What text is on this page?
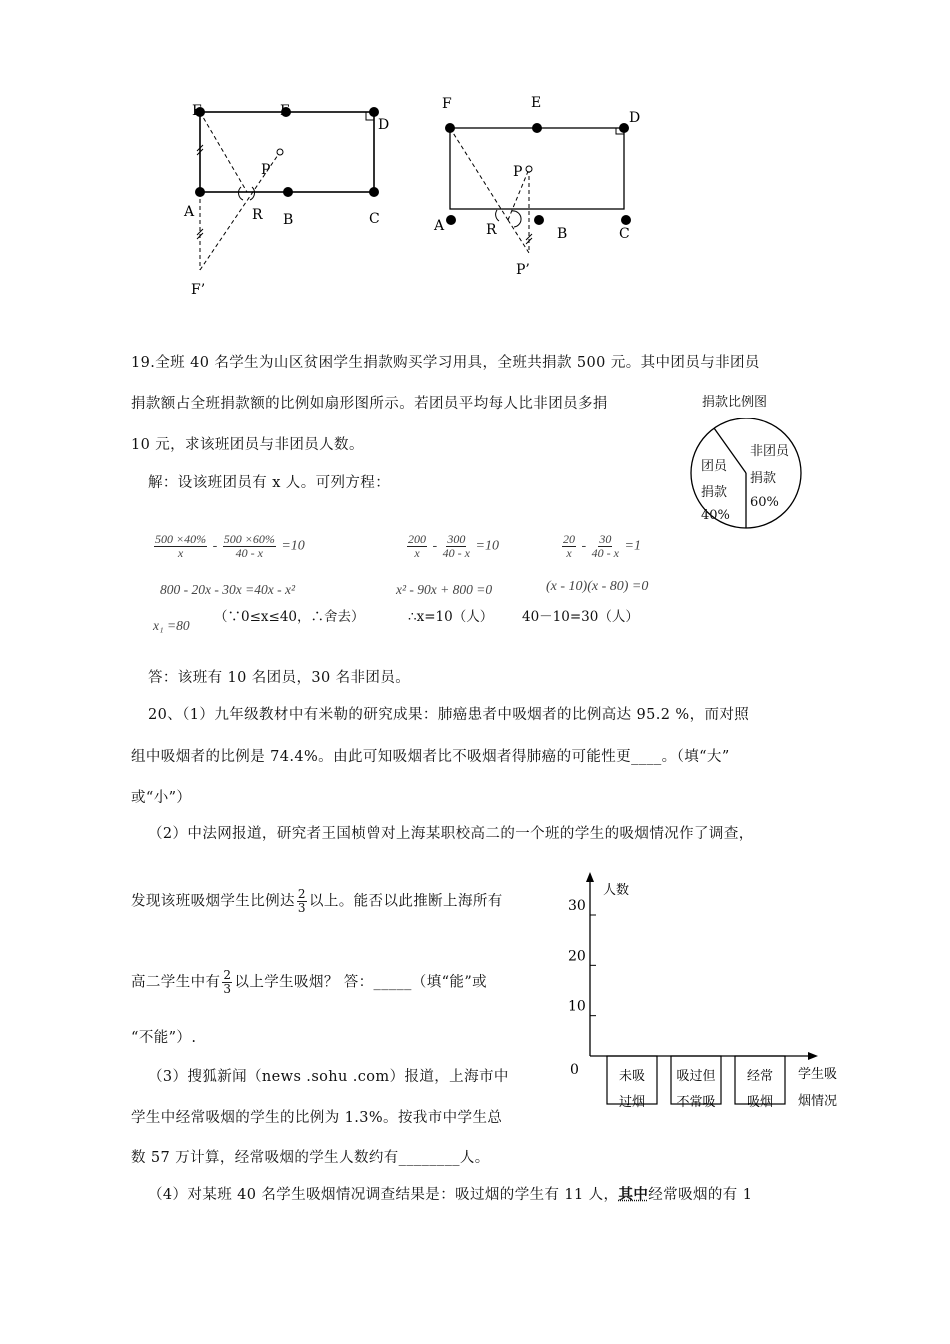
F	E
D
P
A	R B	C
F’
F	E
D
P
A	R	B	C
P’
19.全班 40 名学生为山区贫困学生捐款购买学习用具，全班共捐款 500 元。其中团员与非团员
捐款额占全班捐款额的比例如扇形图所示。若团员平均每人比非团员多捐
10 元，求该班团员与非团员人数。
解：设该班团员有 x 人。可列方程：
捐款比例图
团员
捐款
40%
非团员
捐款
60%
$\frac{500 \times 40\%}{x} - \frac{500 \times 60\%}{40 - x} =10$	$\frac{200}{x} - \frac{300}{40 - x} =10$	$\frac{20}{x} - \frac{30}{40 - x} =1$
800 - 20x - 30x =40x - x²	x² - 90x + 800 =0	(x - 10)(x - 80) =0
x₁ =80
（∵0≤x≤40，∴舍去）	∴x=10（人） 40－10=30（人）
答：该班有 10 名团员，30 名非团员。
20、（1）九年级教材中有米勒的研究成果：肺癌患者中吸烟者的比例高达 95.2 %，而对照
组中吸烟者的比例是 74.4%。由此可知吸烟者比不吸烟者得肺癌的可能性更____。（填“大”
或“小”）
（2）中法网报道，研究者王国桢曾对上海某职校高二的一个班的学生的吸烟情况作了调查，
发现该班吸烟学生比例达 $\frac{2}{3}$ 以上。能否以此推断上海所有
高二学生中有 $\frac{2}{3}$ 以上学生吸烟？ 答：_____（填“能”或
“不能”）.
（3）搜狐新闻（news .sohu .com）报道，上海市中
学生中经常吸烟的学生的比例为 1.3%。按我市中学生总
数 57 万计算，经常吸烟的学生人数约有________人。
（4）对某班 40 名学生吸烟情况调查结果是：吸过烟的学生有 11 人，其中经常吸烟的有 1
人数
0
10
20
30
未吸
过烟
吸过但
不常吸
经常
吸烟
学生吸
烟情况
